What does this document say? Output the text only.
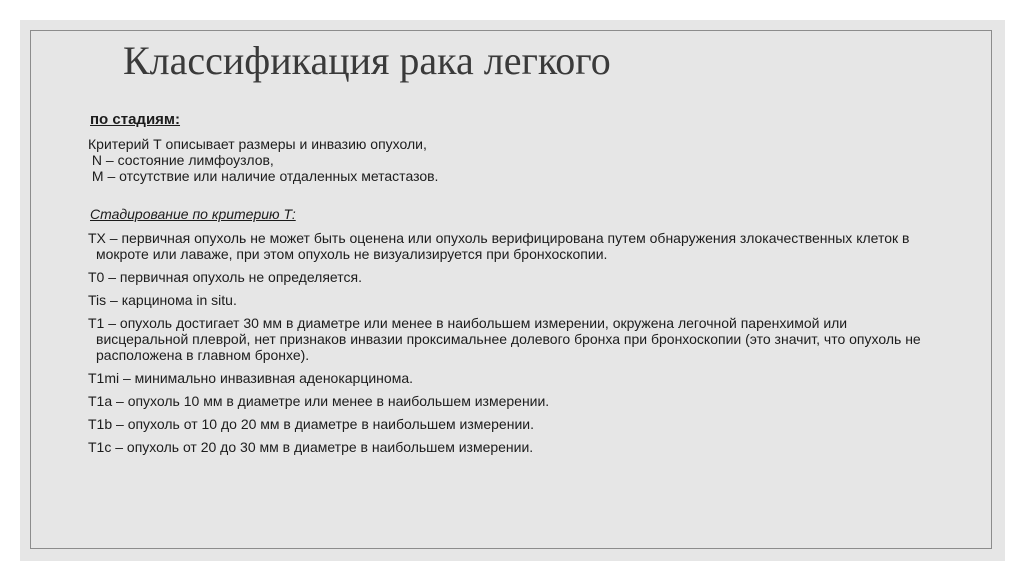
Классификация рака легкого
по стадиям:
Критерий Т описывает размеры и инвазию опухоли,
N – состояние лимфоузлов,
М – отсутствие или наличие отдаленных метастазов.
Стадирование по критерию Т:
TX – первичная опухоль не может быть оценена или опухоль верифицирована путем обнаружения злокачественных клеток в мокроте или лаваже, при этом опухоль не визуализируется при бронхоскопии.
T0 – первичная опухоль не определяется.
Tis – карцинома in situ.
T1 – опухоль достигает 30 мм в диаметре или менее в наибольшем измерении, окружена легочной паренхимой или висцеральной плеврой, нет признаков инвазии проксимальнее долевого бронха при бронхоскопии (это значит, что опухоль не расположена в главном бронхе).
T1mi – минимально инвазивная аденокарцинома.
T1a – опухоль 10 мм в диаметре или менее в наибольшем измерении.
T1b – опухоль от 10 до 20 мм в диаметре в наибольшем измерении.
T1c – опухоль от 20 до 30 мм в диаметре в наибольшем измерении.
